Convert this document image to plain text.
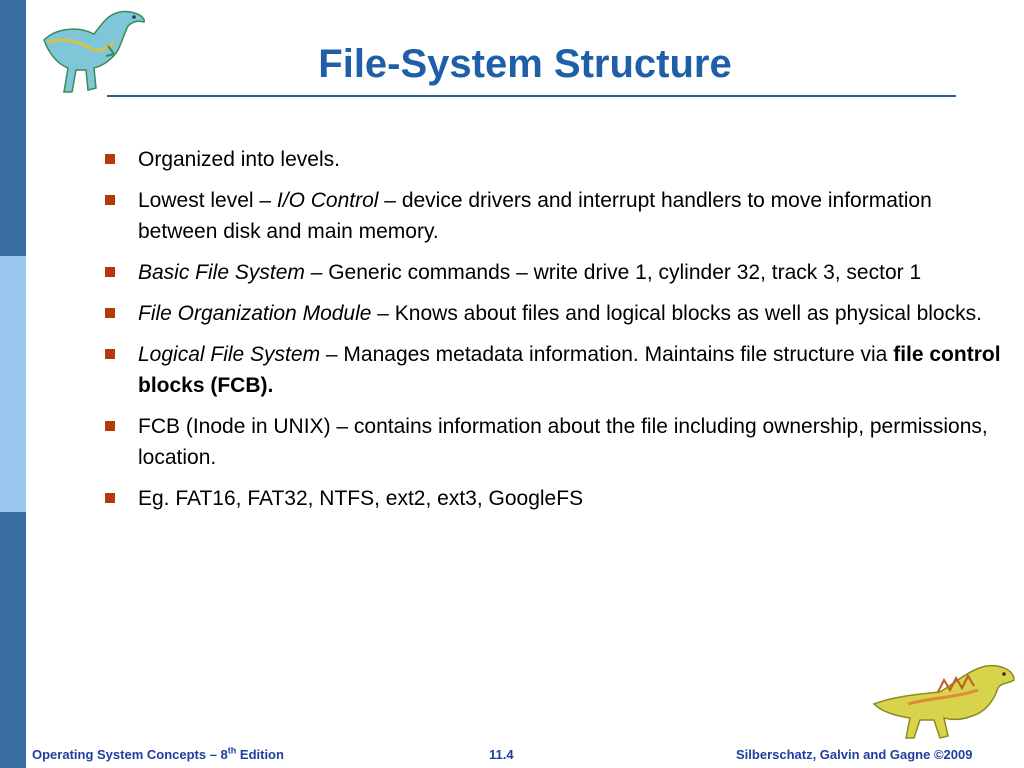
File-System Structure
Organized into levels.
Lowest level – I/O Control – device drivers and interrupt handlers to move information between disk and main memory.
Basic File System – Generic commands – write drive 1, cylinder 32, track 3, sector 1
File Organization Module – Knows about files and logical blocks as well as physical blocks.
Logical File System – Manages metadata information. Maintains file structure via file control blocks (FCB).
FCB (Inode in UNIX) – contains information about the file including ownership, permissions, location.
Eg. FAT16, FAT32, NTFS, ext2, ext3, GoogleFS
Operating System Concepts – 8th Edition	11.4	Silberschatz, Galvin and Gagne ©2009
